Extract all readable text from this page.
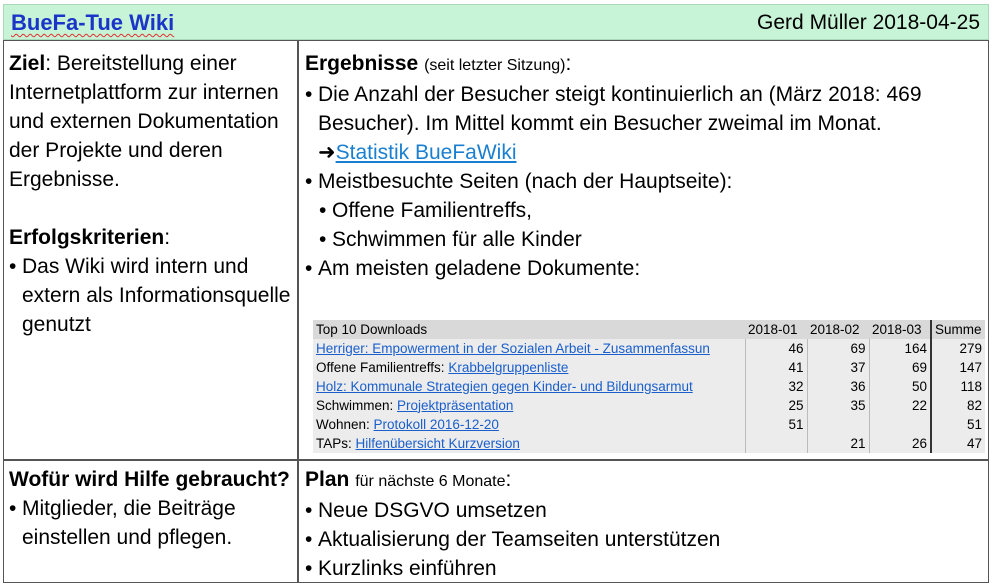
BueFa-Tue Wiki	Gerd Müller 2018-04-25
Ziel: Bereitstellung einer Internetplattform zur internen und externen Dokumentation der Projekte und deren Ergebnisse.
Erfolgskriterien:
• Das Wiki wird intern und extern als Informationsquelle genutzt
Ergebnisse (seit letzter Sitzung):
• Die Anzahl der Besucher steigt kontinuierlich an (März 2018: 469 Besucher). Im Mittel kommt ein Besucher zweimal im Monat.
➜Statistik BueFaWiki
• Meistbesuchte Seiten (nach der Hauptseite):
• Offene Familientreffs,
• Schwimmen für alle Kinder
• Am meisten geladene Dokumente:
Top 10 Downloads	2018-01	2018-02	2018-03	Summe
Herriger: Empowerment in der Sozialen Arbeit - Zusammenfassun	46	69	164	279
Offene Familientreffs: Krabbelgruppenliste	41	37	69	147
Holz: Kommunale Strategien gegen Kinder- und Bildungsarmut	32	36	50	118
Schwimmen: Projektpräsentation	25	35	22	82
Wohnen: Protokoll 2016-12-20	51			51
TAPs: Hilfenübersicht Kurzversion		21	26	47
Wofür wird Hilfe gebraucht?
• Mitglieder, die Beiträge einstellen und pflegen.
Plan für nächste 6 Monate:
• Neue DSGVO umsetzen
• Aktualisierung der Teamseiten unterstützen
• Kurzlinks einführen
